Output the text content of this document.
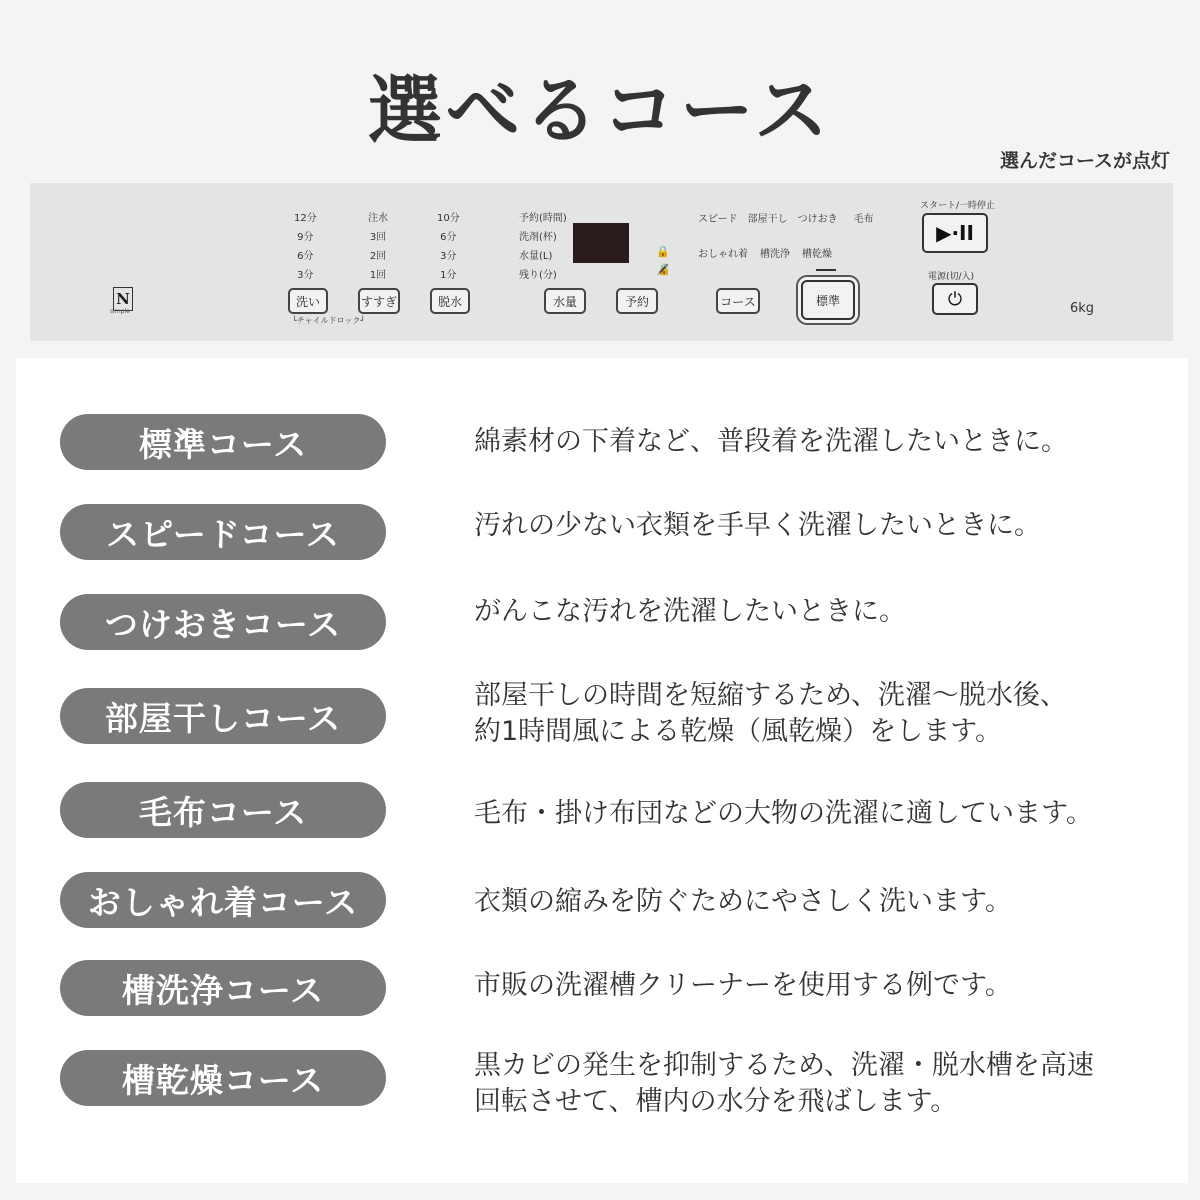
選べるコース
選んだコースが点灯
N
simple
12分
9分
6分
3分
注水
3回
2回
1回
10分
6分
3分
1分
予約(時間)
洗剤(杯)
水量(L)
残り(分)
🔒
🔏
スピード 部屋干し つけおき 毛布
おしゃれ着 槽洗浄 槽乾燥
洗い	すすぎ	脱水	水量	予約	コース	標準
└チャイルドロック┘
スタート/一時停止
▶·II
電源(切/入)
⏻	6kg
標準コース	綿素材の下着など、普段着を洗濯したいときに。
スピードコース	汚れの少ない衣類を手早く洗濯したいときに。
つけおきコース	がんこな汚れを洗濯したいときに。
部屋干しコース
部屋干しの時間を短縮するため、洗濯～脱水後、
約1時間風による乾燥（風乾燥）をします。
毛布コース	毛布・掛け布団などの大物の洗濯に適しています。
おしゃれ着コース	衣類の縮みを防ぐためにやさしく洗います。
槽洗浄コース	市販の洗濯槽クリーナーを使用する例です。
槽乾燥コース	黒カビの発生を抑制するため、洗濯・脱水槽を高速
回転させて、槽内の水分を飛ばします。
